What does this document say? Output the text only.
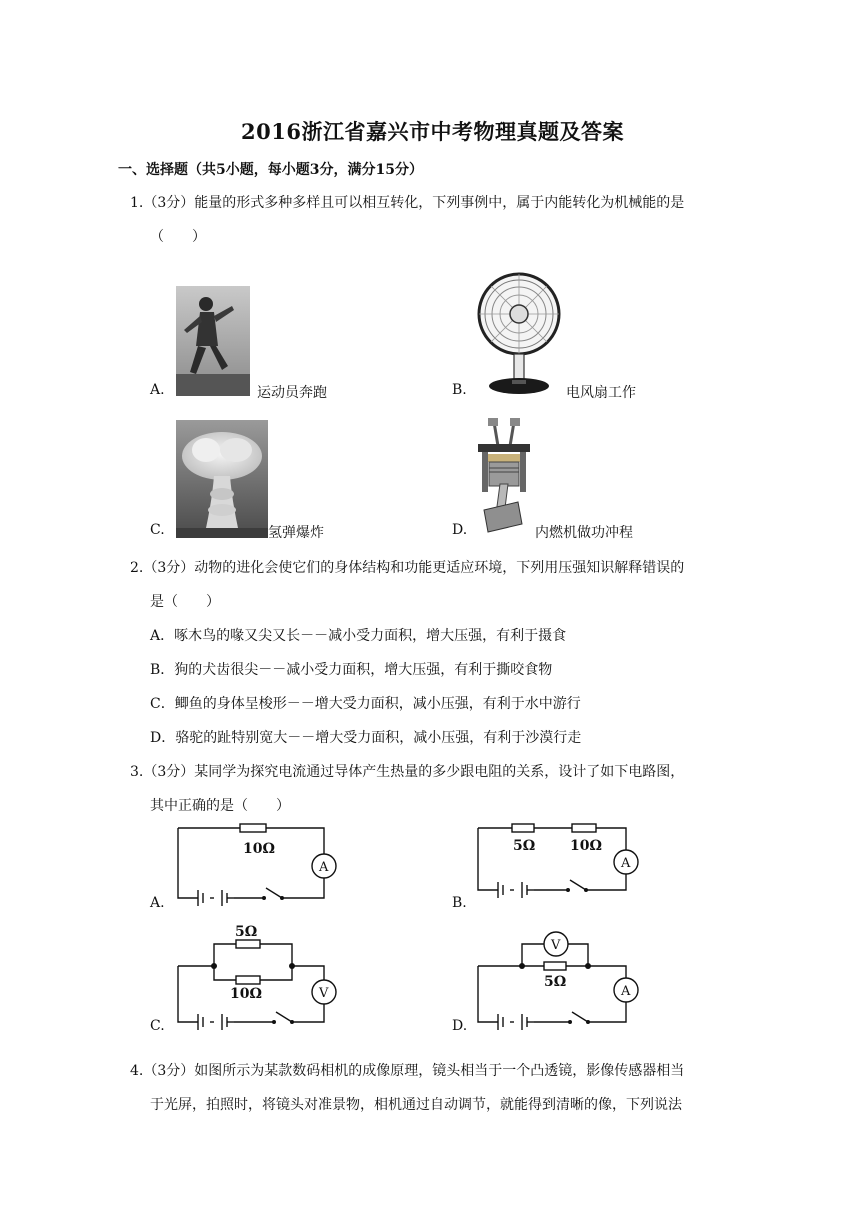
2016浙江省嘉兴市中考物理真题及答案
一、选择题（共5小题，每小题3分，满分15分）
1.（3分）能量的形式多种多样且可以相互转化，下列事例中，属于内能转化为机械能的是
（　　）
A.	运动员奔跑	B.	电风扇工作
C.	氢弹爆炸	D.	内燃机做功冲程
2.（3分）动物的进化会使它们的身体结构和功能更适应环境，下列用压强知识解释错误的
是（　　）
A．啄木鸟的喙又尖又长－－减小受力面积，增大压强，有利于摄食
B．狗的犬齿很尖－－减小受力面积，增大压强，有利于撕咬食物
C．鲫鱼的身体呈梭形－－增大受力面积，减小压强，有利于水中游行
D．骆驼的趾特别宽大－－增大受力面积，减小压强，有利于沙漠行走
3.（3分）某同学为探究电流通过导体产生热量的多少跟电阻的关系，设计了如下电路图，
其中正确的是（　　）
A.	B.
C.	D.
10Ω
A
5Ω 10Ω
A
5Ω
10Ω	V
V
5Ω
A
4.（3分）如图所示为某款数码相机的成像原理，镜头相当于一个凸透镜，影像传感器相当
于光屏，拍照时，将镜头对准景物，相机通过自动调节，就能得到清晰的像，下列说法
